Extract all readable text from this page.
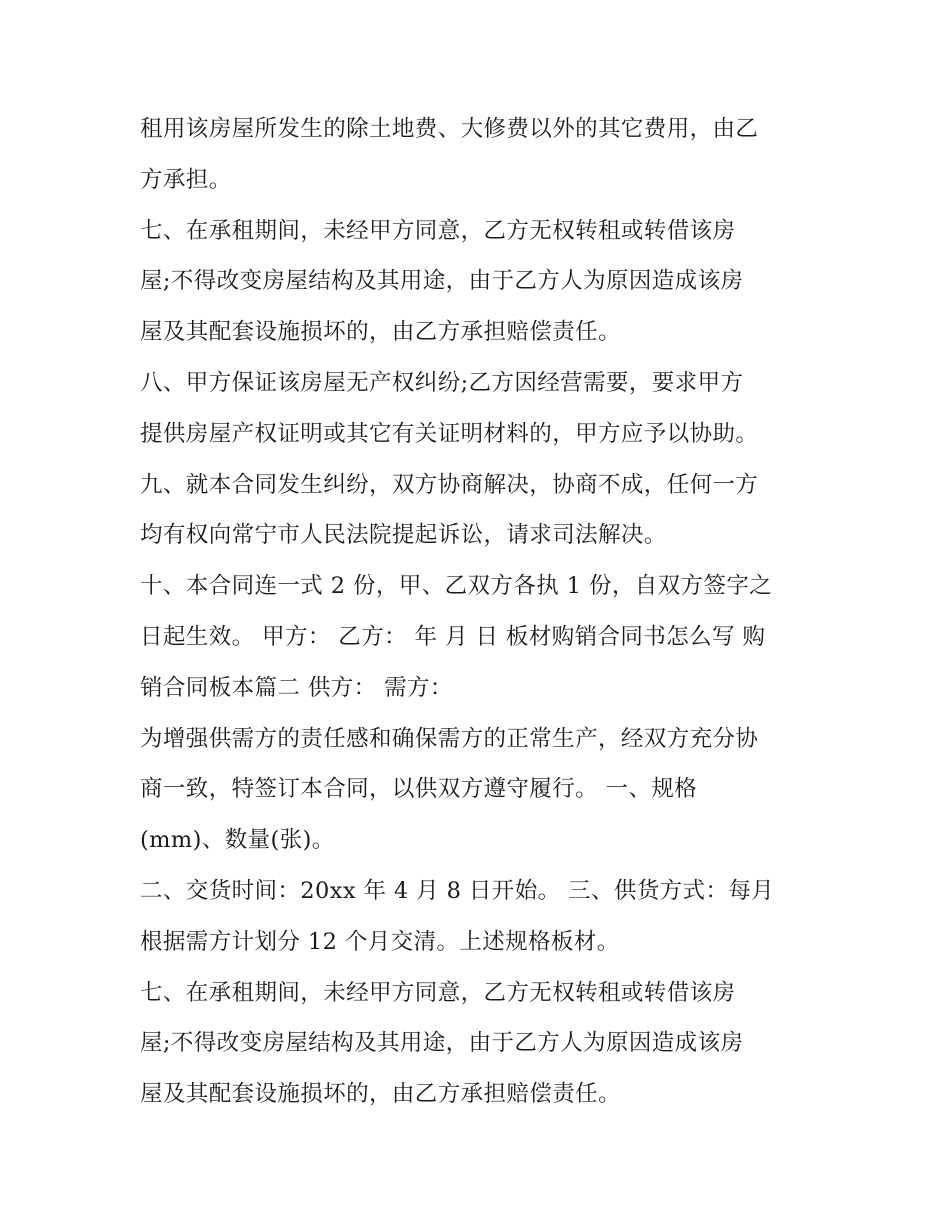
租用该房屋所发生的除土地费、大修费以外的其它费用，由乙
方承担。
七、在承租期间，未经甲方同意，乙方无权转租或转借该房
屋;不得改变房屋结构及其用途，由于乙方人为原因造成该房
屋及其配套设施损坏的，由乙方承担赔偿责任。
八、甲方保证该房屋无产权纠纷;乙方因经营需要，要求甲方
提供房屋产权证明或其它有关证明材料的，甲方应予以协助。
九、就本合同发生纠纷，双方协商解决，协商不成，任何一方
均有权向常宁市人民法院提起诉讼，请求司法解决。
十、本合同连一式 2 份，甲、乙双方各执 1 份，自双方签字之
日起生效。 甲方： 乙方： 年 月 日 板材购销合同书怎么写 购
销合同板本篇二 供方： 需方：
为增强供需方的责任感和确保需方的正常生产，经双方充分协
商一致，特签订本合同，以供双方遵守履行。 一、规格
(mm)、数量(张)。
二、交货时间：20xx 年 4 月 8 日开始。 三、供货方式：每月
根据需方计划分 12 个月交清。上述规格板材。
七、在承租期间，未经甲方同意，乙方无权转租或转借该房
屋;不得改变房屋结构及其用途，由于乙方人为原因造成该房
屋及其配套设施损坏的，由乙方承担赔偿责任。
